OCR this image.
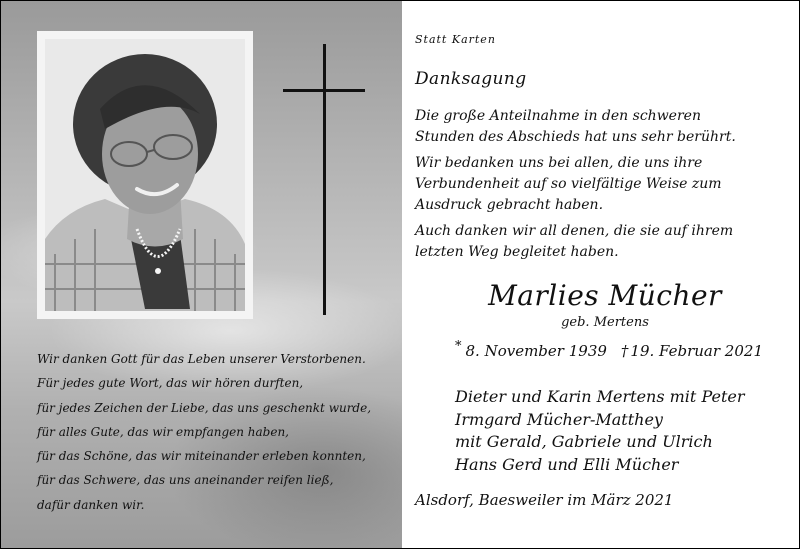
Wir danken Gott für das Leben unserer Verstorbenen.
Für jedes gute Wort, das wir hören durften,
für jedes Zeichen der Liebe, das uns geschenkt wurde,
für alles Gute, das wir empfangen haben,
für das Schöne, das wir miteinander erleben konnten,
für das Schwere, das uns aneinander reifen ließ,
dafür danken wir.
Statt Karten
Danksagung
Die große Anteilnahme in den schweren
Stunden des Abschieds hat uns sehr berührt.
Wir bedanken uns bei allen, die uns ihre
Verbundenheit auf so vielfältige Weise zum
Ausdruck gebracht haben.
Auch danken wir all denen, die sie auf ihrem
letzten Weg begleitet haben.
Marlies Mücher
geb. Mertens
* 8. November 1939 † 19. Februar 2021
Dieter und Karin Mertens mit Peter
Irmgard Mücher-Matthey
mit Gerald, Gabriele und Ulrich
Hans Gerd und Elli Mücher
Alsdorf, Baesweiler im März 2021
